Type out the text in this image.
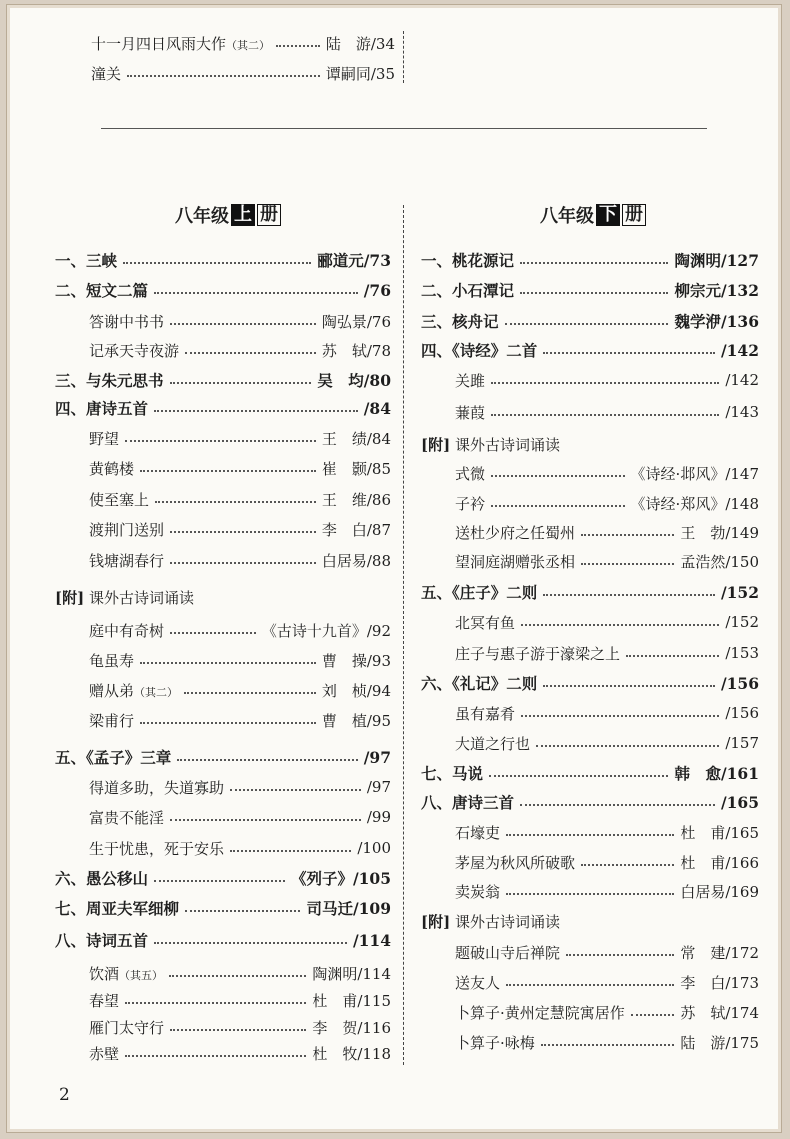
十一月四日风雨大作（其二）	陆　游/34
潼关	谭嗣同/35
八年级 上 册	八年级 下 册
一、三峡	郦道元/73
二、短文二篇	/76
答谢中书书	陶弘景/76
记承天寺夜游	苏　轼/78
三、与朱元思书	吴　均/80
四、唐诗五首	/84
野望	王　绩/84
黄鹤楼	崔　颢/85
使至塞上	王　维/86
渡荆门送别	李　白/87
钱塘湖春行	白居易/88
[附] 课外古诗词诵读
庭中有奇树	《古诗十九首》/92
龟虽寿	曹　操/93
赠从弟（其二）	刘　桢/94
梁甫行	曹　植/95
五、《孟子》三章	/97
得道多助，失道寡助	/97
富贵不能淫	/99
生于忧患，死于安乐	/100
六、愚公移山	《列子》/105
七、周亚夫军细柳	司马迁/109
八、诗词五首	/114
饮酒（其五）	陶渊明/114
春望	杜　甫/115
雁门太守行	李　贺/116
赤壁	杜　牧/118
一、桃花源记	陶渊明/127
二、小石潭记	柳宗元/132
三、核舟记	魏学洢/136
四、《诗经》二首	/142
关雎	/142
蒹葭	/143
[附] 课外古诗词诵读
式微	《诗经·邶风》/147
子衿	《诗经·郑风》/148
送杜少府之任蜀州	王　勃/149
望洞庭湖赠张丞相	孟浩然/150
五、《庄子》二则	/152
北冥有鱼	/152
庄子与惠子游于濠梁之上	/153
六、《礼记》二则	/156
虽有嘉肴	/156
大道之行也	/157
七、马说	韩　愈/161
八、唐诗三首	/165
石壕吏	杜　甫/165
茅屋为秋风所破歌	杜　甫/166
卖炭翁	白居易/169
[附] 课外古诗词诵读
题破山寺后禅院	常　建/172
送友人	李　白/173
卜算子·黄州定慧院寓居作	苏　轼/174
卜算子·咏梅	陆　游/175
2
